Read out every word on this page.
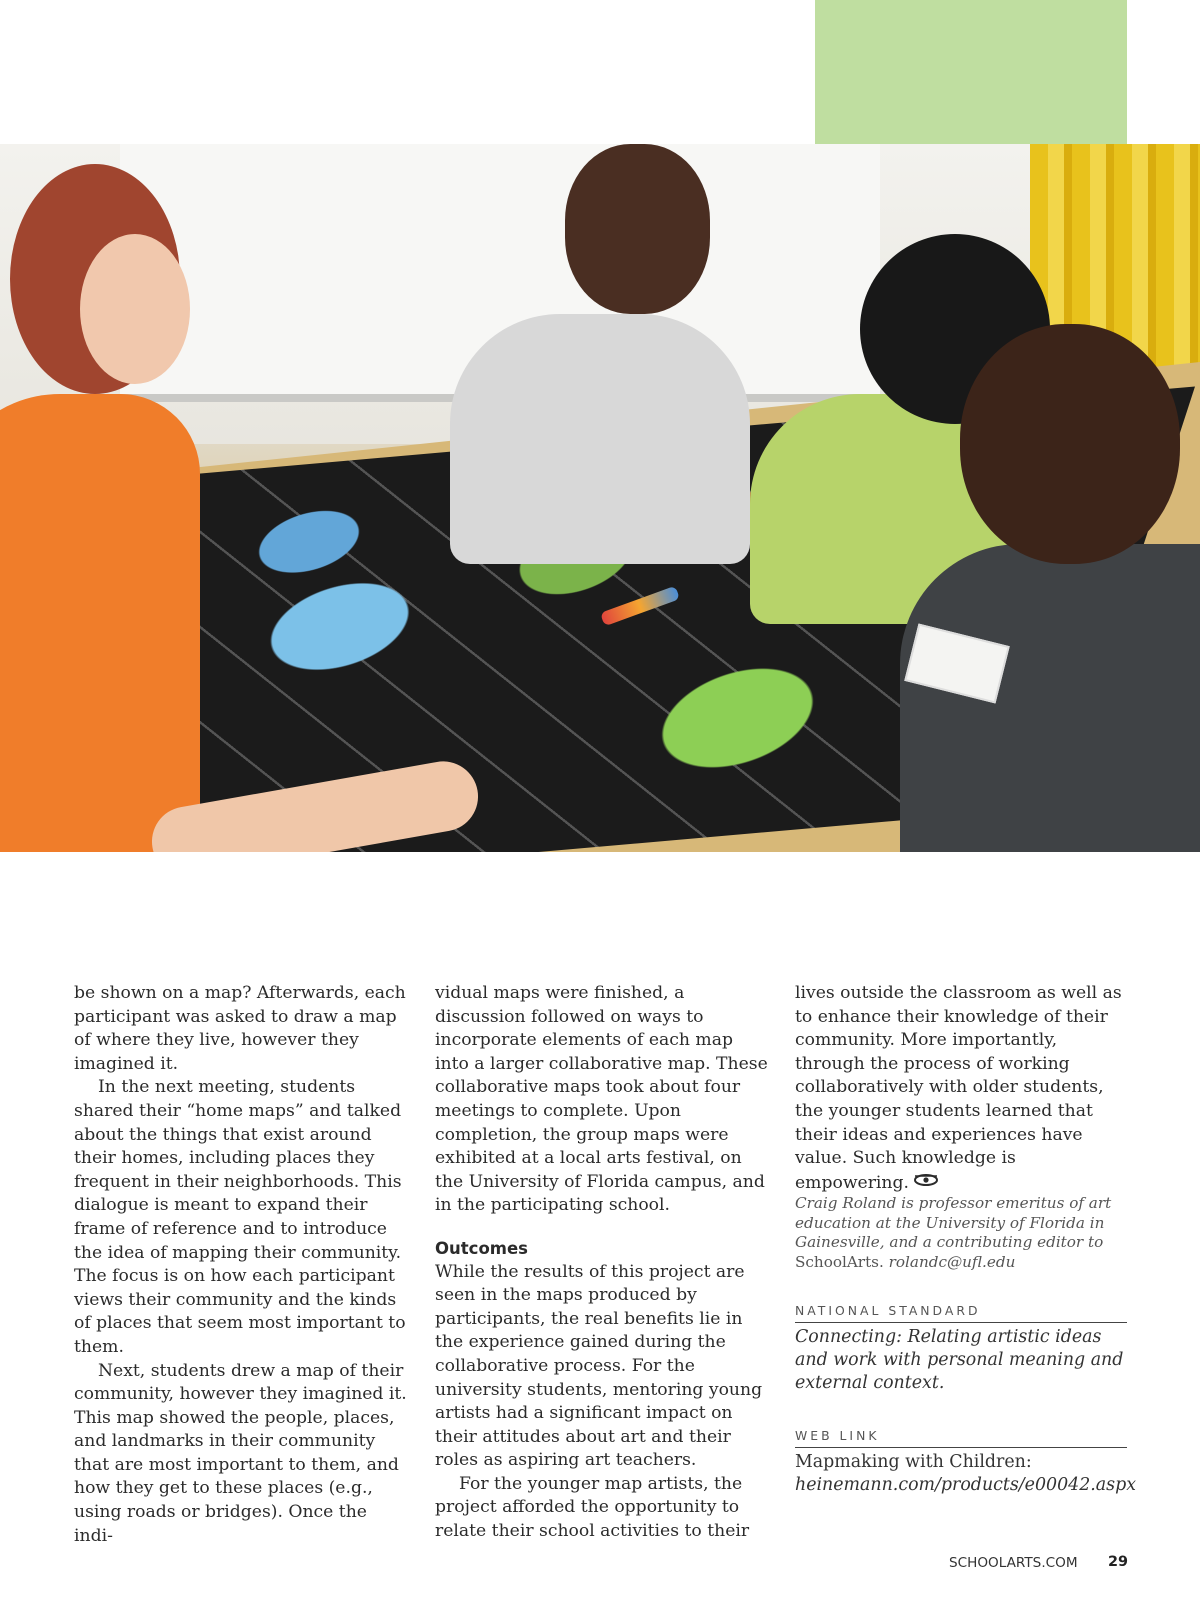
be shown on a map? Afterwards, each participant was asked to draw a map of where they live, however they imagined it.

In the next meeting, students shared their “home maps” and talked about the things that exist around their homes, including places they frequent in their neighborhoods. This dialogue is meant to expand their frame of reference and to introduce the idea of mapping their community. The focus is on how each participant views their community and the kinds of places that seem most important to them.

Next, students drew a map of their community, however they imagined it. This map showed the people, places, and landmarks in their community that are most important to them, and how they get to these places (e.g., using roads or bridges). Once the indi-

vidual maps were finished, a discussion followed on ways to incorporate elements of each map into a larger collaborative map. These collaborative maps took about four meetings to complete. Upon completion, the group maps were exhibited at a local arts festival, on the University of Florida campus, and in the participating school.

Outcomes

While the results of this project are seen in the maps produced by participants, the real benefits lie in the experience gained during the collaborative process. For the university students, mentoring young artists had a significant impact on their attitudes about art and their roles as aspiring art teachers.

For the younger map artists, the project afforded the opportunity to relate their school activities to their

lives outside the classroom as well as to enhance their knowledge of their community. More importantly, through the process of working collaboratively with older students, the younger students learned that their ideas and experiences have value. Such knowledge is empowering.

Craig Roland is professor emeritus of art education at the University of Florida in Gainesville, and a contributing editor to SchoolArts. rolandc@ufl.edu
NATIONAL STANDARD
Connecting: Relating artistic ideas and work with personal meaning and external context.
WEB LINK
Mapmaking with Children: heinemann.com/products/e00042.aspx
SCHOOLARTS.COM 29
